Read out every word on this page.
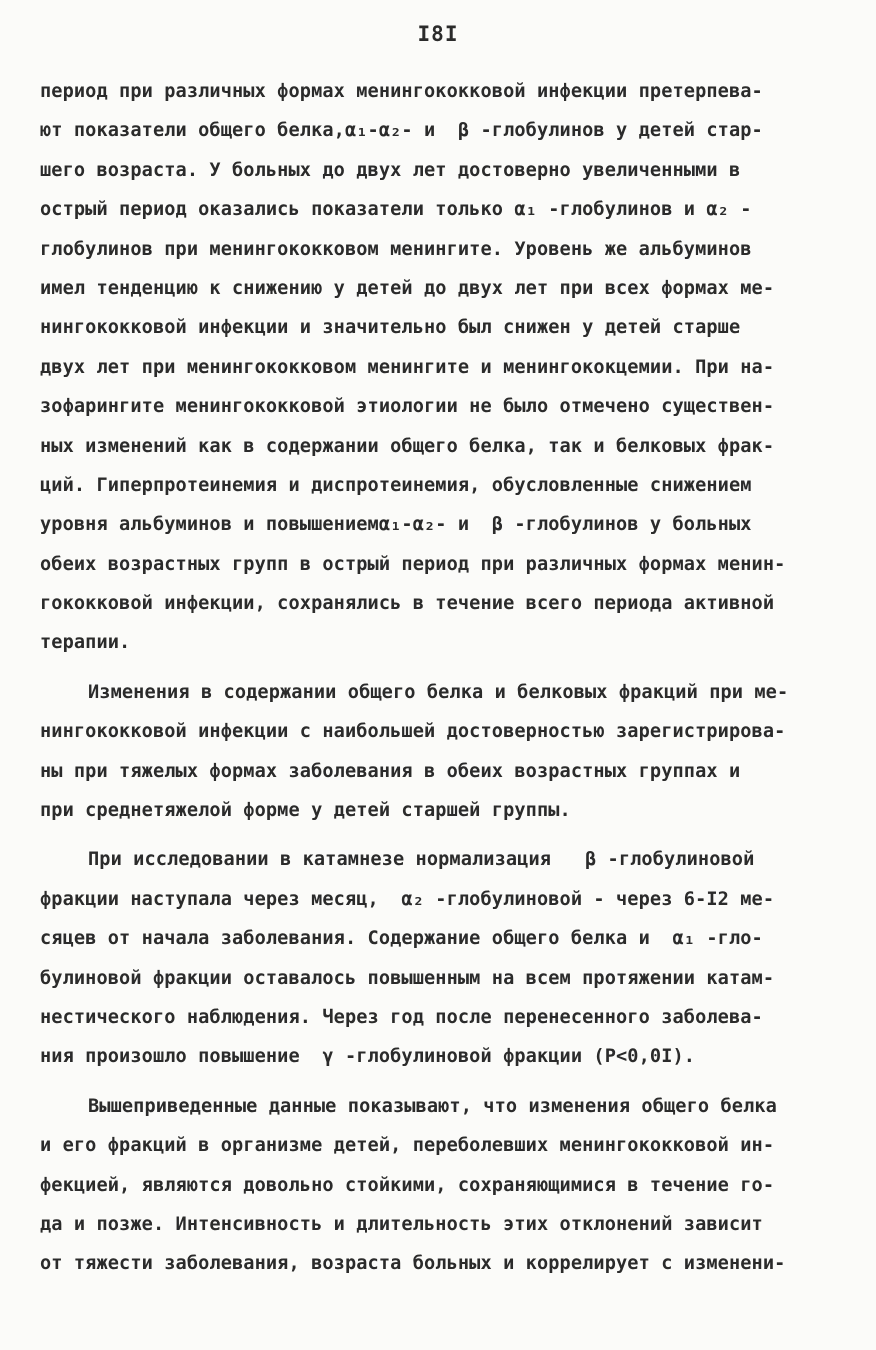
I8I
период при различных формах менингококковой инфекции претерпева-
ют показатели общего белка,α₁-α₂- и  β -глобулинов у детей стар-
шего возраста. У больных до двух лет достоверно увеличенными в
острый период оказались показатели только α₁ -глобулинов и α₂ -
глобулинов при менингококковом менингите. Уровень же альбуминов
имел тенденцию к снижению у детей до двух лет при всех формах ме-
нингококковой инфекции и значительно был снижен у детей старше
двух лет при менингококковом менингите и менингококцемии. При на-
зофарингите менингококковой этиологии не было отмечено существен-
ных изменений как в содержании общего белка, так и белковых фрак-
ций. Гиперпротеинемия и диспротеинемия, обусловленные снижением
уровня альбуминов и повышениемα₁-α₂- и  β -глобулинов у больных
обеих возрастных групп в острый период при различных формах менин-
гококковой инфекции, сохранялись в течение всего периода активной
терапии.
Изменения в содержании общего белка и белковых фракций при ме-
нингококковой инфекции с наибольшей достоверностью зарегистрирова-
ны при тяжелых формах заболевания в обеих возрастных группах и
при среднетяжелой форме у детей старшей группы.
При исследовании в катамнезе нормализация   β -глобулиновой
фракции наступала через месяц,  α₂ -глобулиновой - через 6-I2 ме-
сяцев от начала заболевания. Содержание общего белка и  α₁ -гло-
булиновой фракции оставалось повышенным на всем протяжении катам-
нестического наблюдения. Через год после перенесенного заболева-
ния произошло повышение  γ -глобулиновой фракции (P<0,0I).
Вышеприведенные данные показывают, что изменения общего белка
и его фракций в организме детей, переболевших менингококковой ин-
фекцией, являются довольно стойкими, сохраняющимися в течение го-
да и позже. Интенсивность и длительность этих отклонений зависит
от тяжести заболевания, возраста больных и коррелирует с изменени-
